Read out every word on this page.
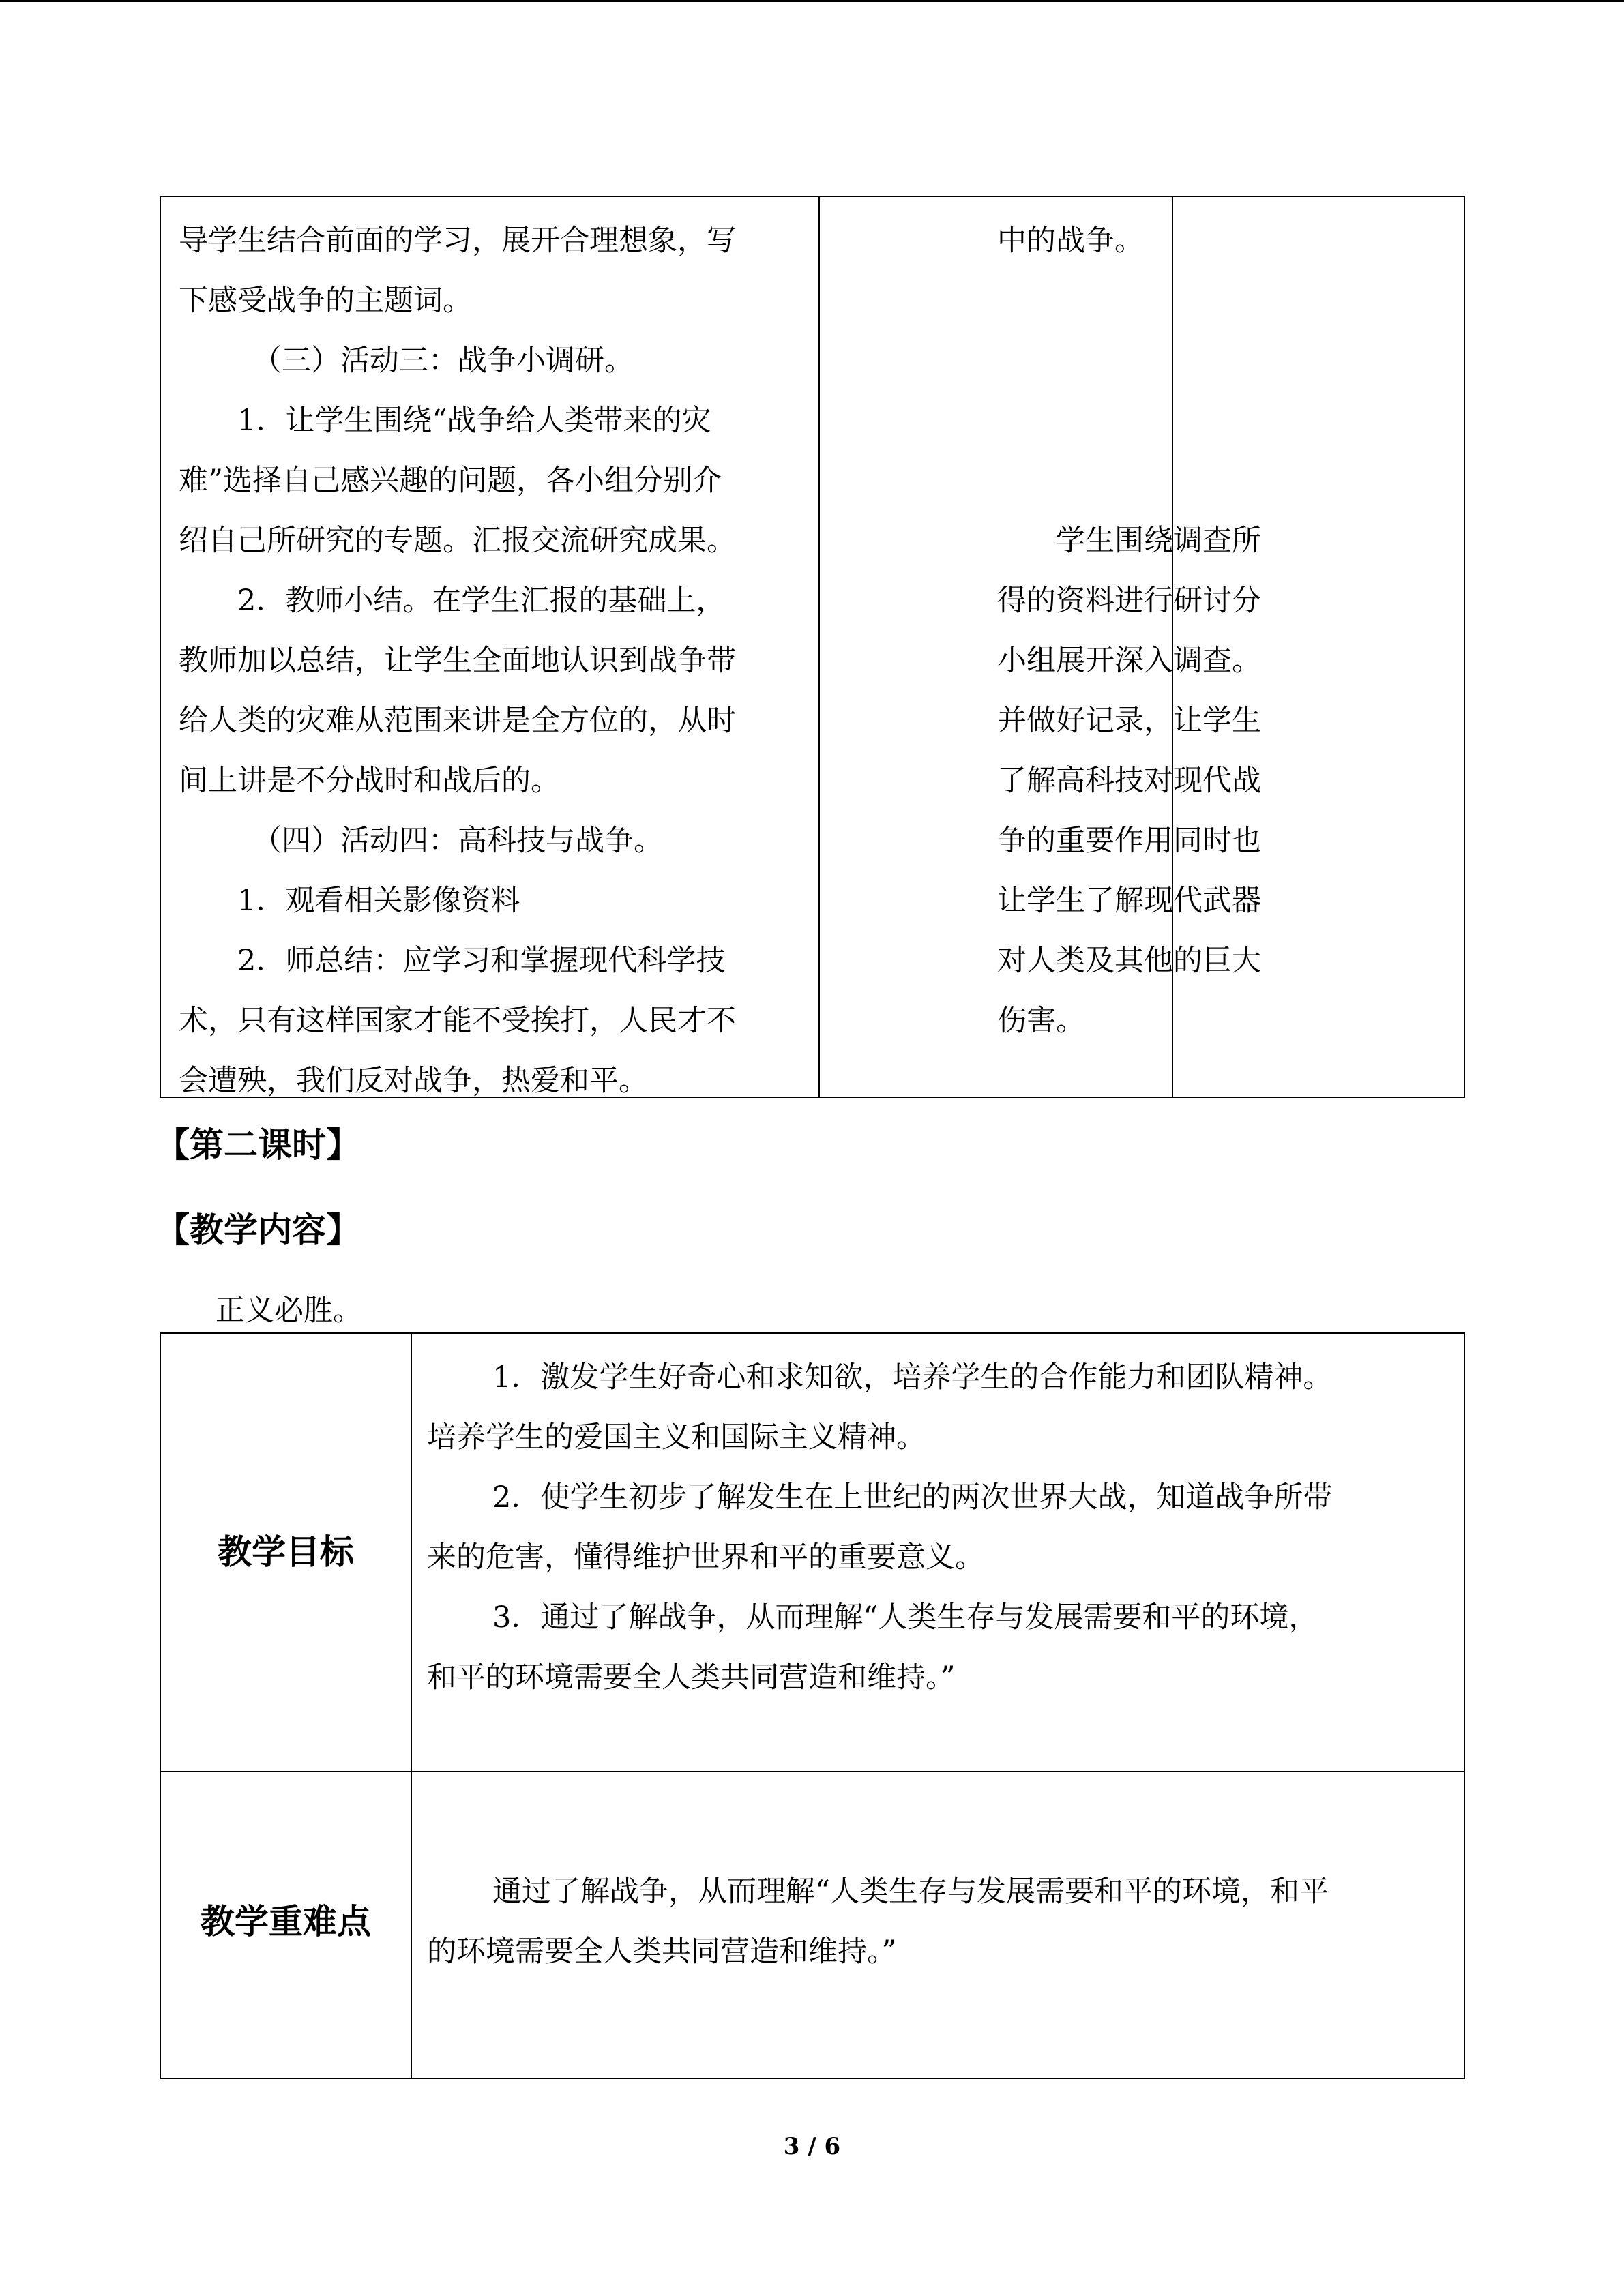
导学生结合前面的学习，展开合理想象，写

下感受战争的主题词。

（三）活动三：战争小调研。

1．让学生围绕“战争给人类带来的灾

难”选择自己感兴趣的问题，各小组分别介

绍自己所研究的专题。汇报交流研究成果。

2．教师小结。在学生汇报的基础上，

教师加以总结，让学生全面地认识到战争带

给人类的灾难从范围来讲是全方位的，从时

间上讲是不分战时和战后的。

（四）活动四：高科技与战争。

1．观看相关影像资料

2．师总结：应学习和掌握现代科学技

术，只有这样国家才能不受挨打，人民才不

会遭殃，我们反对战争，热爱和平。

中的战争。

学生围绕调查所

得的资料进行研讨分

小组展开深入调查。

并做好记录，让学生

了解高科技对现代战

争的重要作用同时也

让学生了解现代武器

对人类及其他的巨大

伤害。

【第二课时】
【教学内容】
正义必胜。
教学目标

1．激发学生好奇心和求知欲，培养学生的合作能力和团队精神。

培养学生的爱国主义和国际主义精神。

2．使学生初步了解发生在上世纪的两次世界大战，知道战争所带

来的危害，懂得维护世界和平的重要意义。

3．通过了解战争，从而理解“人类生存与发展需要和平的环境，

和平的环境需要全人类共同营造和维持。”

教学重难点

通过了解战争，从而理解“人类生存与发展需要和平的环境，和平

的环境需要全人类共同营造和维持。”

3 / 6
